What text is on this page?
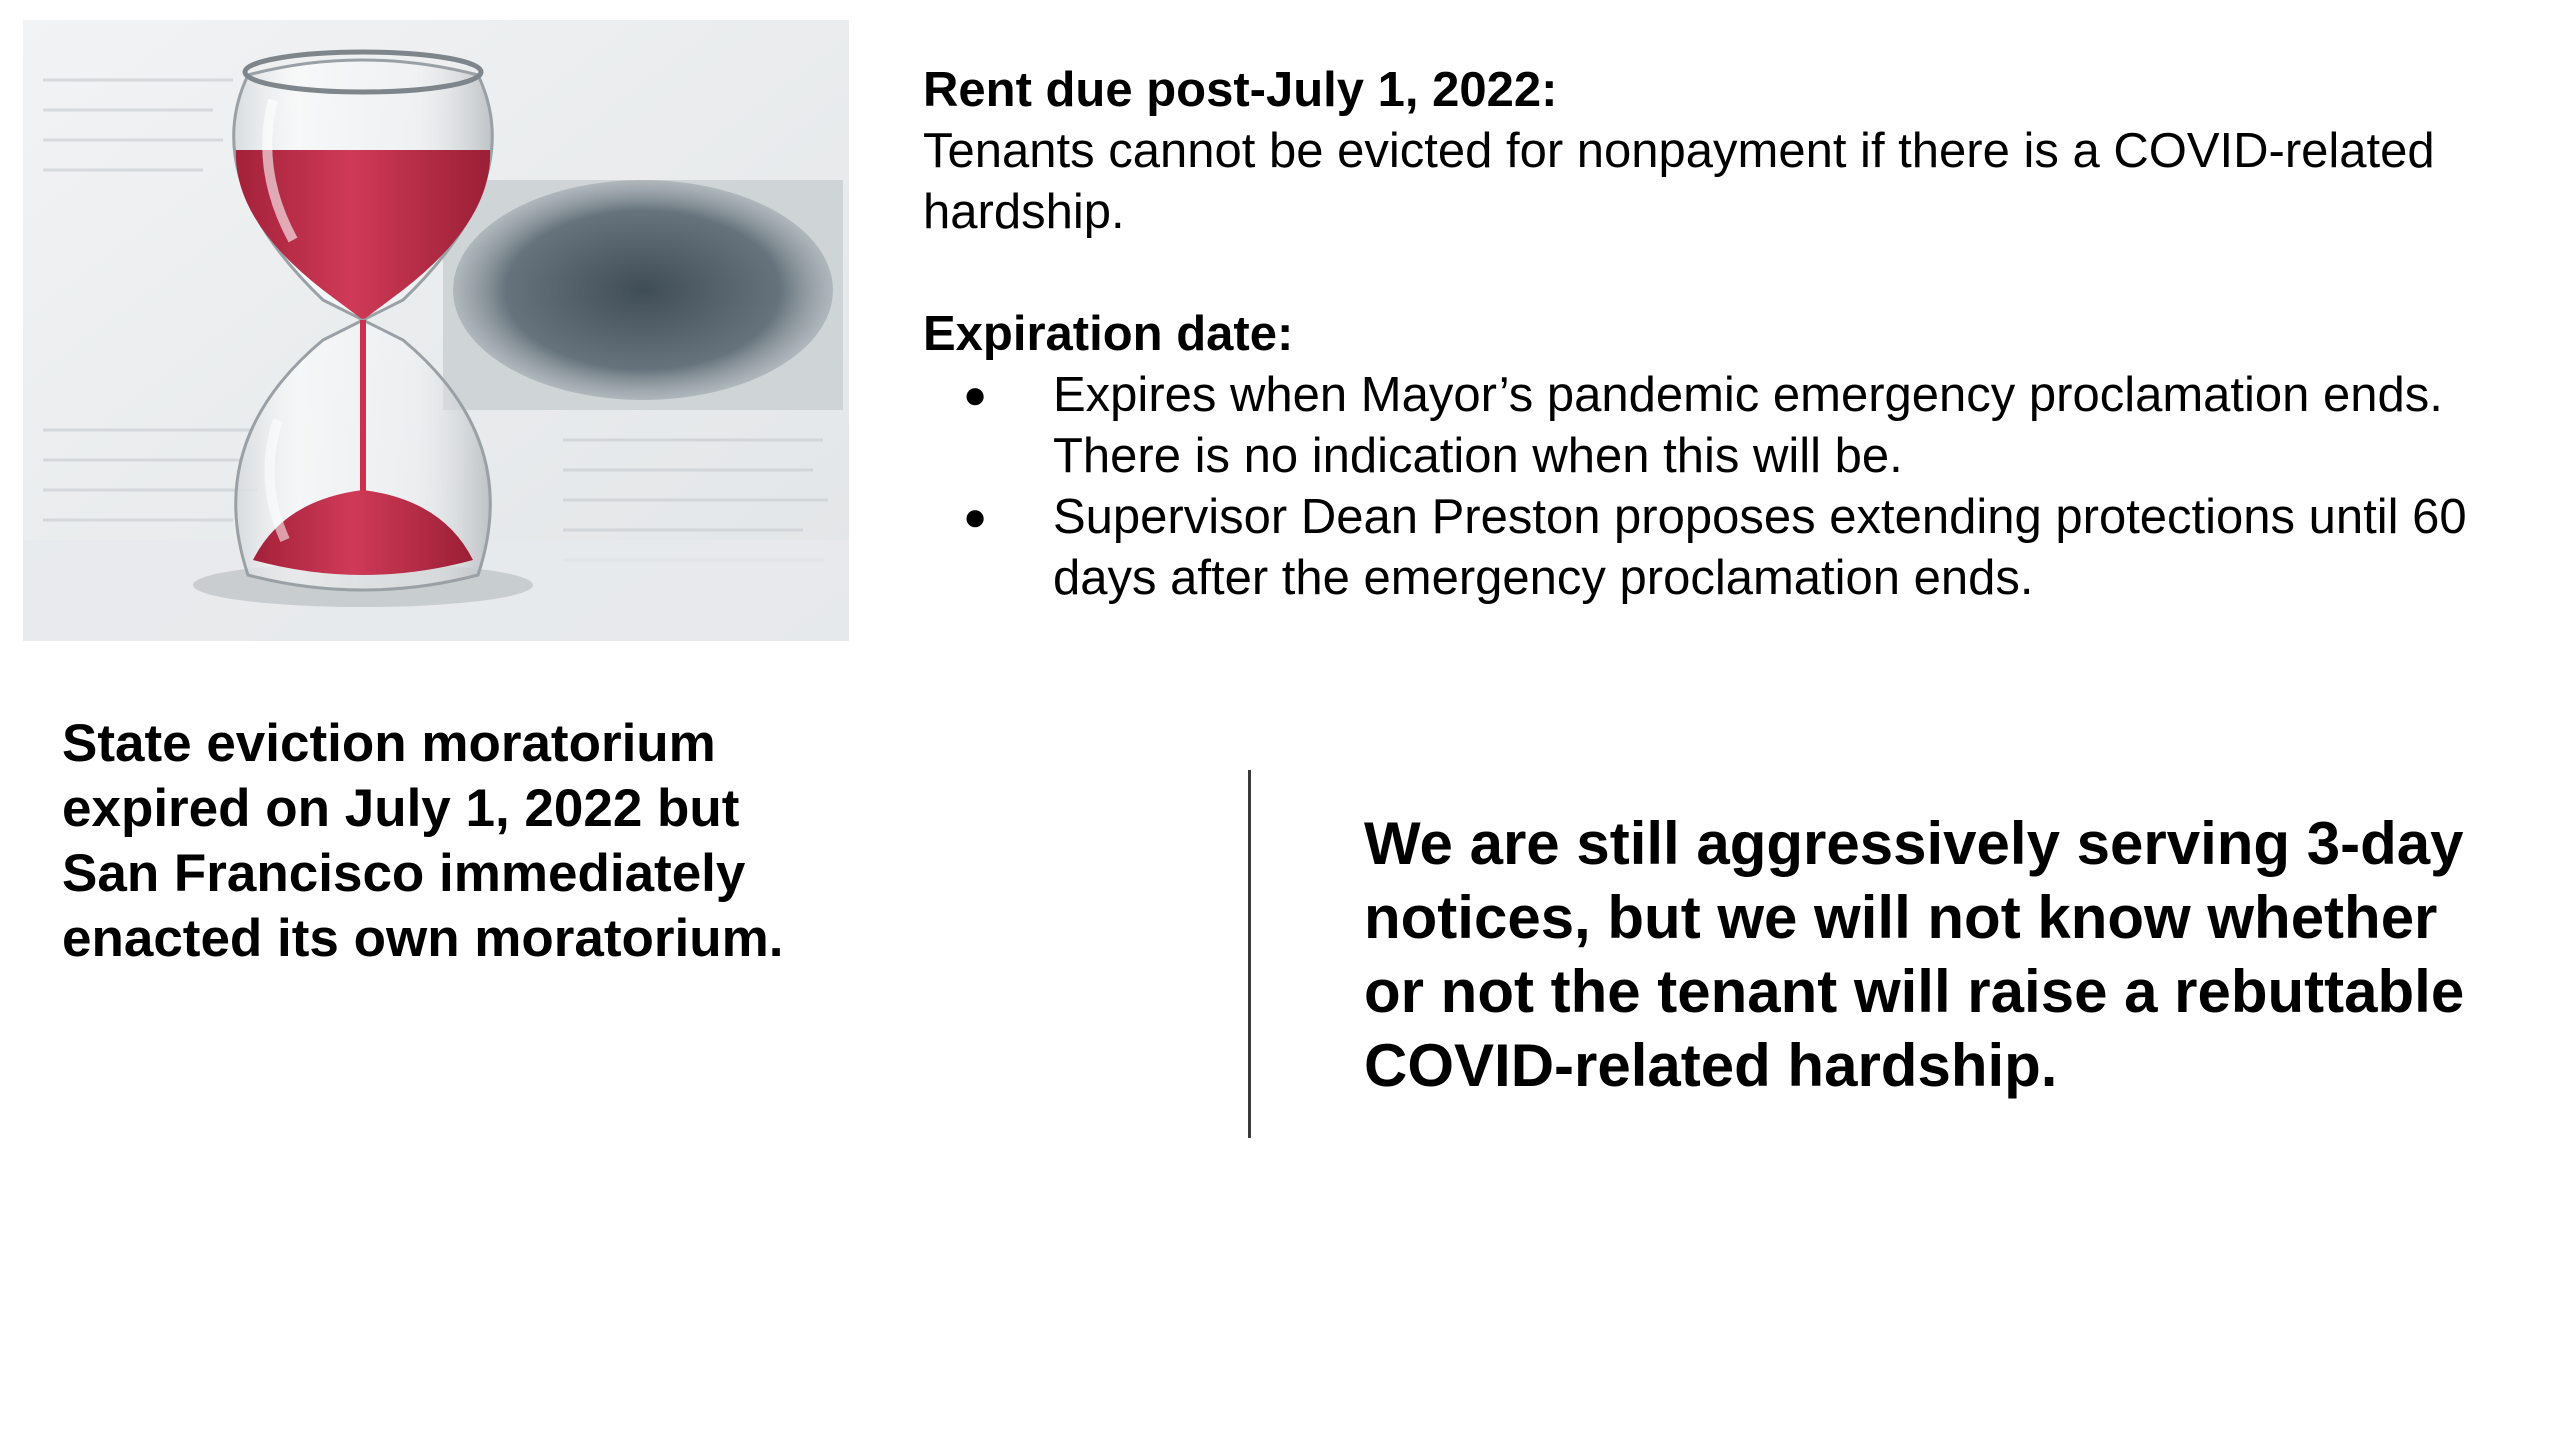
Rent due post-July 1, 2022:

Tenants cannot be evicted for nonpayment if there is a COVID-related hardship.

Expiration date:

● Expires when Mayor’s pandemic emergency proclamation ends. There is no indication when this will be.
● Supervisor Dean Preston proposes extending protections until 60 days after the emergency proclamation ends.
State eviction moratorium expired on July 1, 2022 but San Francisco immediately enacted its own moratorium.
We are still aggressively serving 3-day notices, but we will not know whether or not the tenant will raise a rebuttable COVID-related hardship.
